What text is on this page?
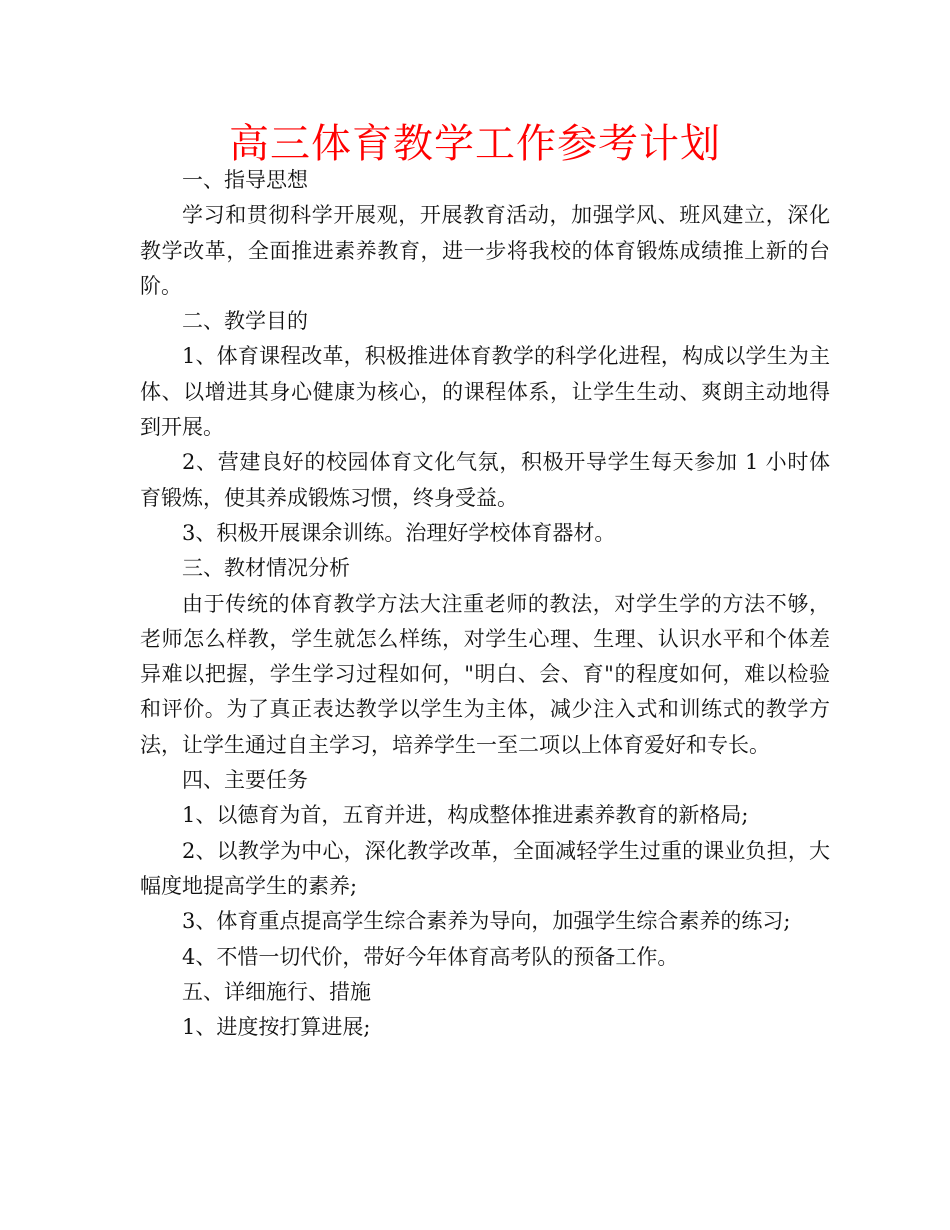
高三体育教学工作参考计划

一、指导思想

学习和贯彻科学开展观，开展教育活动，加强学风、班风建立，深化教学改革，全面推进素养教育，进一步将我校的体育锻炼成绩推上新的台阶。

二、教学目的

1、体育课程改革，积极推进体育教学的科学化进程，构成以学生为主体、以增进其身心健康为核心，的课程体系，让学生生动、爽朗主动地得到开展。

2、营建良好的校园体育文化气氛，积极开导学生每天参加 1 小时体育锻炼，使其养成锻炼习惯，终身受益。

3、积极开展课余训练。治理好学校体育器材。

三、教材情况分析

由于传统的体育教学方法大注重老师的教法，对学生学的方法不够，老师怎么样教，学生就怎么样练，对学生心理、生理、认识水平和个体差异难以把握，学生学习过程如何，"明白、会、育"的程度如何，难以检验和评价。为了真正表达教学以学生为主体，减少注入式和训练式的教学方法，让学生通过自主学习，培养学生一至二项以上体育爱好和专长。

四、主要任务

1、以德育为首，五育并进，构成整体推进素养教育的新格局;

2、以教学为中心，深化教学改革，全面减轻学生过重的课业负担，大幅度地提高学生的素养;

3、体育重点提高学生综合素养为导向，加强学生综合素养的练习;

4、不惜一切代价，带好今年体育高考队的预备工作。

五、详细施行、措施

1、进度按打算进展;
